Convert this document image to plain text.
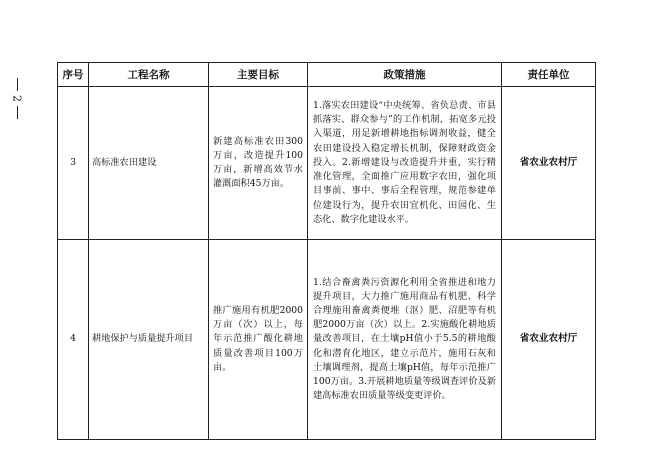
2
序号	工程名称	主要目标	政策措施	责任单位
3	高标准农田建设	新建高标准农田300万亩，改造提升100万亩，新增高效节水灌溉面积45万亩。	1.落实农田建设“中央统筹、省负总责、市县抓落实、群众参与”的工作机制，拓宽多元投入渠道，用足新增耕地指标调剂收益，健全农田建设投入稳定增长机制，保障财政资金投入。2.新增建设与改造提升并重，实行精准化管理，全面推广应用数字农田，强化项目事前、事中、事后全程管理，规范参建单位建设行为，提升农田宜机化、田园化、生态化、数字化建设水平。	省农业农村厅
4	耕地保护与质量提升项目	推广施用有机肥2000万亩（次）以上，每年示范推广酸化耕地质量改善项目100万亩。	1.结合畜禽粪污资源化利用全省推进和地力提升项目，大力推广施用商品有机肥、科学合理施用畜禽粪便堆（沤）肥、沼肥等有机肥2000万亩（次）以上。2.实施酸化耕地质量改善项目，在土壤pH值小于5.5的耕地酸化和潜育化地区，建立示范片，施用石灰和土壤调理剂，提高土壤pH值，每年示范推广100万亩。3.开展耕地质量等级调查评价及新建高标准农田质量等级变更评价。	省农业农村厅
